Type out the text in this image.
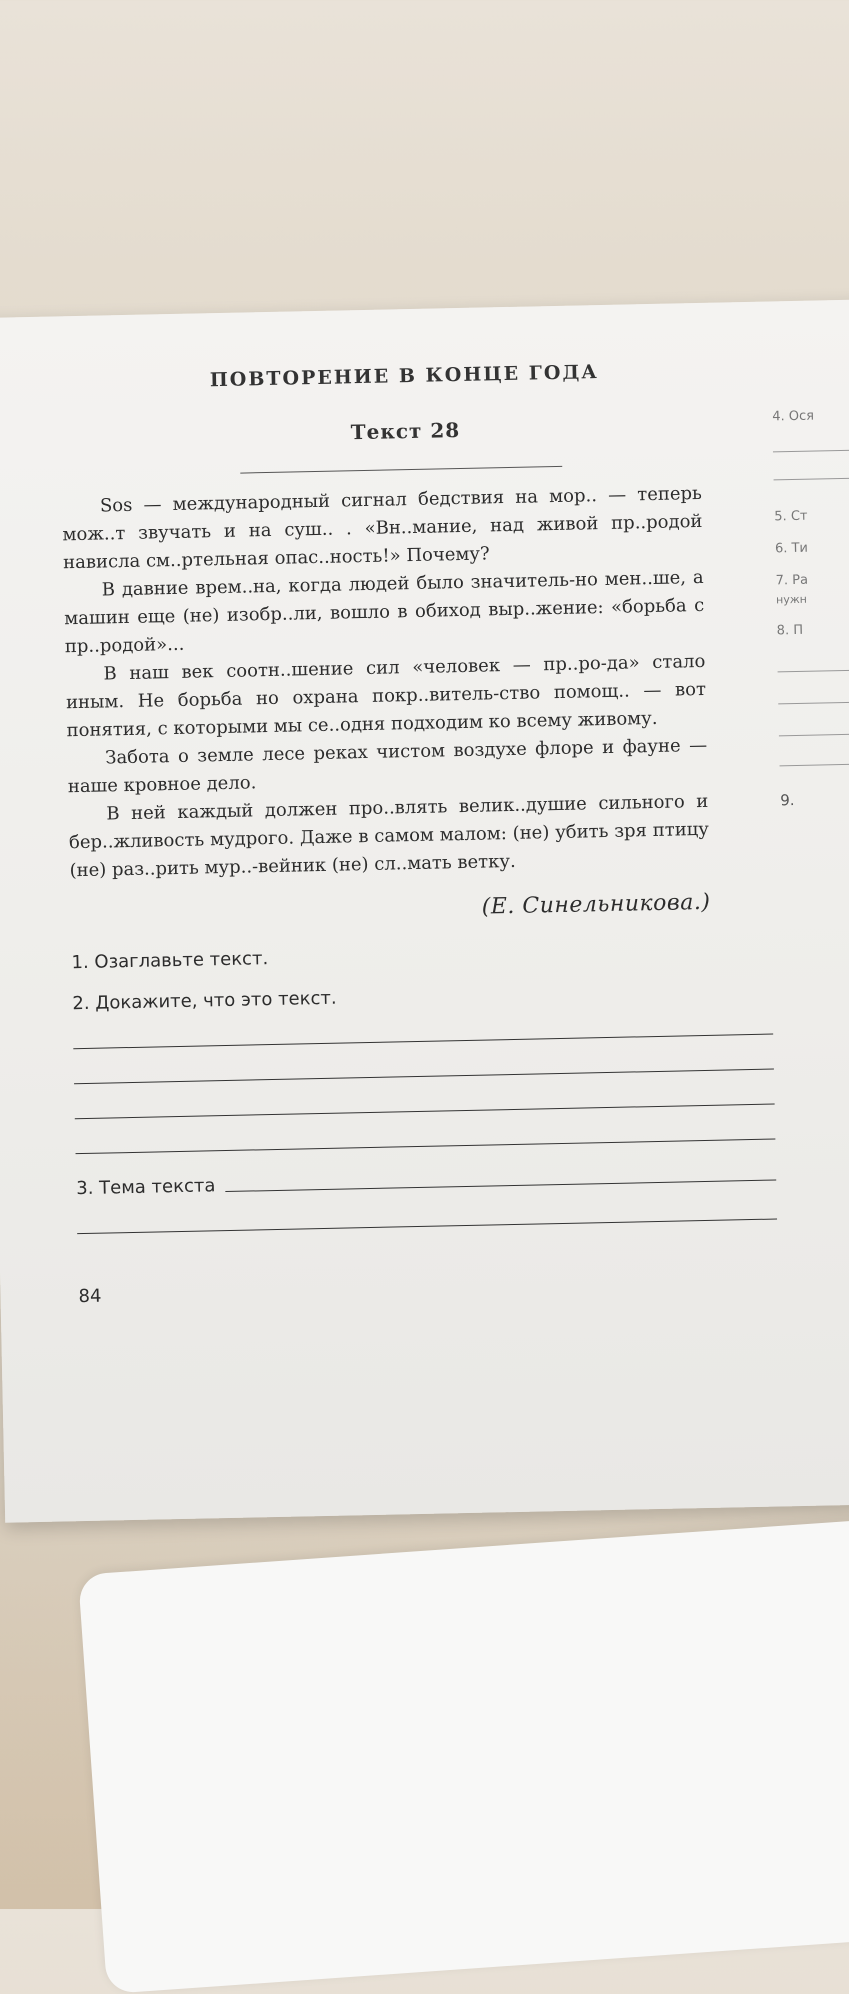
ПОВТОРЕНИЕ В КОНЦЕ ГОДА
Текст 28

Sos — международный сигнал бедствия на мор.. — теперь мож..т звучать и на суш.. . «Вн..мание, над живой пр..родой нависла см..ртельная опас..ность!» Почему?

В давние врем..на, когда людей было значитель-но мен..ше, а машин еще (не) изобр..ли, вошло в обиход выр..жение: «борьба с пр..родой»...

В наш век соотн..шение сил «человек — пр..ро-да» стало иным. Не борьба но охрана покр..витель-ство помощ.. — вот понятия, с которыми мы се..одня подходим ко всему живому.

Забота о земле лесе реках чистом воздухе флоре и фауне — наше кровное дело.

В ней каждый должен про..влять велик..душие сильного и бер..жливость мудрого. Даже в самом малом: (не) убить зря птицу (не) раз..рить мур..-вейник (не) сл..мать ветку.

(Е. Синельникова.)
1. Озаглавьте текст.
2. Докажите, что это текст.
3. Тема текста
84
4. Ося
5. Ст
6. Ти
7. Ра
нужн
8. П
9.
